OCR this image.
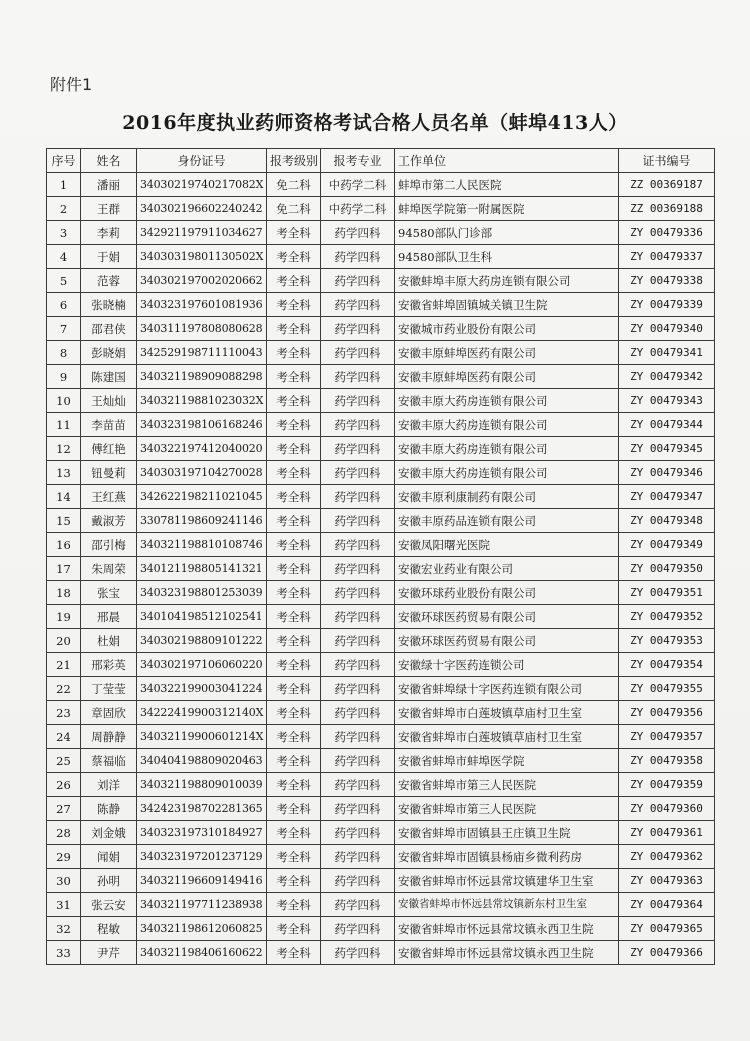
附件1
2016年度执业药师资格考试合格人员名单（蚌埠413人）
序号	姓名	身份证号	报考级别	报考专业	工作单位	证书编号
1	潘丽	34030219740217082X	免二科	中药学二科	蚌埠市第二人民医院	ZZ 00369187
2	王群	340302196602240242	免二科	中药学二科	蚌埠医学院第一附属医院	ZZ 00369188
3	李莉	342921197911034627	考全科	药学四科	94580部队门诊部	ZY 00479336
4	于娟	34030319801130502X	考全科	药学四科	94580部队卫生科	ZY 00479337
5	范蓉	340302197002020662	考全科	药学四科	安徽蚌埠丰原大药房连锁有限公司	ZY 00479338
6	张晓楠	340323197601081936	考全科	药学四科	安徽省蚌埠固镇城关镇卫生院	ZY 00479339
7	邵君侠	340311197808080628	考全科	药学四科	安徽城市药业股份有限公司	ZY 00479340
8	彭晓娟	342529198711110043	考全科	药学四科	安徽丰原蚌埠医药有限公司	ZY 00479341
9	陈建国	340321198909088298	考全科	药学四科	安徽丰原蚌埠医药有限公司	ZY 00479342
10	王灿灿	34032119881023032X	考全科	药学四科	安徽丰原大药房连锁有限公司	ZY 00479343
11	李苗苗	340323198106168246	考全科	药学四科	安徽丰原大药房连锁有限公司	ZY 00479344
12	傅红艳	340322197412040020	考全科	药学四科	安徽丰原大药房连锁有限公司	ZY 00479345
13	钮曼莉	340303197104270028	考全科	药学四科	安徽丰原大药房连锁有限公司	ZY 00479346
14	王红燕	342622198211021045	考全科	药学四科	安徽丰原利康制药有限公司	ZY 00479347
15	戴淑芳	330781198609241146	考全科	药学四科	安徽丰原药品连锁有限公司	ZY 00479348
16	邵引梅	340321198810108746	考全科	药学四科	安徽凤阳曙光医院	ZY 00479349
17	朱周荣	340121198805141321	考全科	药学四科	安徽宏业药业有限公司	ZY 00479350
18	张宝	340323198801253039	考全科	药学四科	安徽环球药业股份有限公司	ZY 00479351
19	邢晨	340104198512102541	考全科	药学四科	安徽环球医药贸易有限公司	ZY 00479352
20	杜娟	340302198809101222	考全科	药学四科	安徽环球医药贸易有限公司	ZY 00479353
21	邢彩英	340302197106060220	考全科	药学四科	安徽绿十字医药连锁公司	ZY 00479354
22	丁莹莹	340322199003041224	考全科	药学四科	安徽省蚌埠绿十字医药连锁有限公司	ZY 00479355
23	章固欣	34222419900312140X	考全科	药学四科	安徽省蚌埠市白莲坡镇草庙村卫生室	ZY 00479356
24	周静静	34032119900601214X	考全科	药学四科	安徽省蚌埠市白莲坡镇草庙村卫生室	ZY 00479357
25	蔡福临	340404198809020463	考全科	药学四科	安徽省蚌埠市蚌埠医学院	ZY 00479358
26	刘洋	340321198809010039	考全科	药学四科	安徽省蚌埠市第三人民医院	ZY 00479359
27	陈静	342423198702281365	考全科	药学四科	安徽省蚌埠市第三人民医院	ZY 00479360
28	刘金娥	340323197310184927	考全科	药学四科	安徽省蚌埠市固镇县王庄镇卫生院	ZY 00479361
29	闻娟	340323197201237129	考全科	药学四科	安徽省蚌埠市固镇县杨庙乡微利药房	ZY 00479362
30	孙明	340321196609149416	考全科	药学四科	安徽省蚌埠市怀远县常坟镇建华卫生室	ZY 00479363
31	张云安	340321197711238938	考全科	药学四科	安徽省蚌埠市怀远县常坟镇新东村卫生室	ZY 00479364
32	程敏	340321198612060825	考全科	药学四科	安徽省蚌埠市怀远县常坟镇永西卫生院	ZY 00479365
33	尹芹	340321198406160622	考全科	药学四科	安徽省蚌埠市怀远县常坟镇永西卫生院	ZY 00479366
